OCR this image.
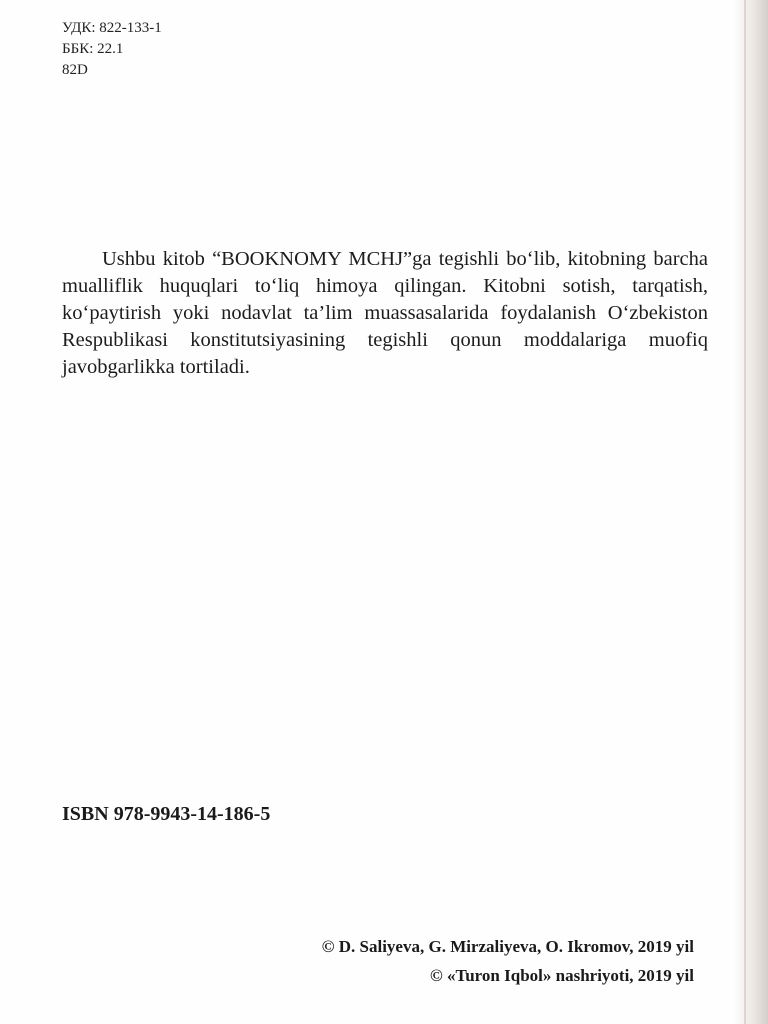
УДК: 822-133-1
ББК: 22.1
82D
Ushbu kitob “BOOKNOMY MCHJ”ga tegishli bo‘lib, kitobning barcha mualliflik huquqlari to‘liq himoya qilingan. Kitobni sotish, tarqatish, ko‘paytirish yoki nodavlat ta’lim muassasalarida foydalanish O‘zbekiston Respublikasi konstitutsiyasining tegishli qonun moddalariga muofiq javobgarlikka tortiladi.
ISBN 978-9943-14-186-5
© D. Saliyeva, G. Mirzaliyeva, O. Ikromov, 2019 yil
© «Turon Iqbol» nashriyoti, 2019 yil
